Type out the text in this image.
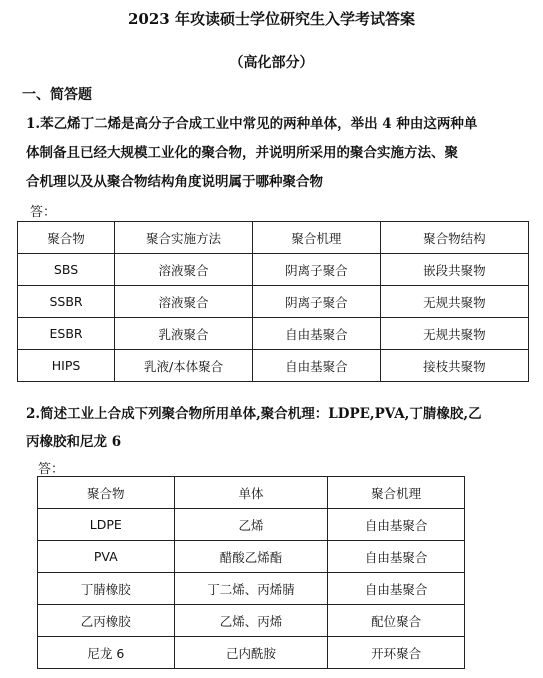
2023 年攻读硕士学位研究生入学考试答案
（高化部分）
一、简答题
1.苯乙烯丁二烯是高分子合成工业中常见的两种单体，举出 4 种由这两种单
体制备且已经大规模工业化的聚合物，并说明所采用的聚合实施方法、聚
合机理以及从聚合物结构角度说明属于哪种聚合物
答：
聚合物	聚合实施方法	聚合机理	聚合物结构
SBS	溶液聚合	阴离子聚合	嵌段共聚物
SSBR	溶液聚合	阴离子聚合	无规共聚物
ESBR	乳液聚合	自由基聚合	无规共聚物
HIPS	乳液/本体聚合	自由基聚合	接枝共聚物
2.简述工业上合成下列聚合物所用单体,聚合机理：LDPE,PVA,丁腈橡胶,乙
丙橡胶和尼龙 6
答：
聚合物	单体	聚合机理
LDPE	乙烯	自由基聚合
PVA	醋酸乙烯酯	自由基聚合
丁腈橡胶	丁二烯、丙烯腈	自由基聚合
乙丙橡胶	乙烯、丙烯	配位聚合
尼龙 6	己内酰胺	开环聚合
